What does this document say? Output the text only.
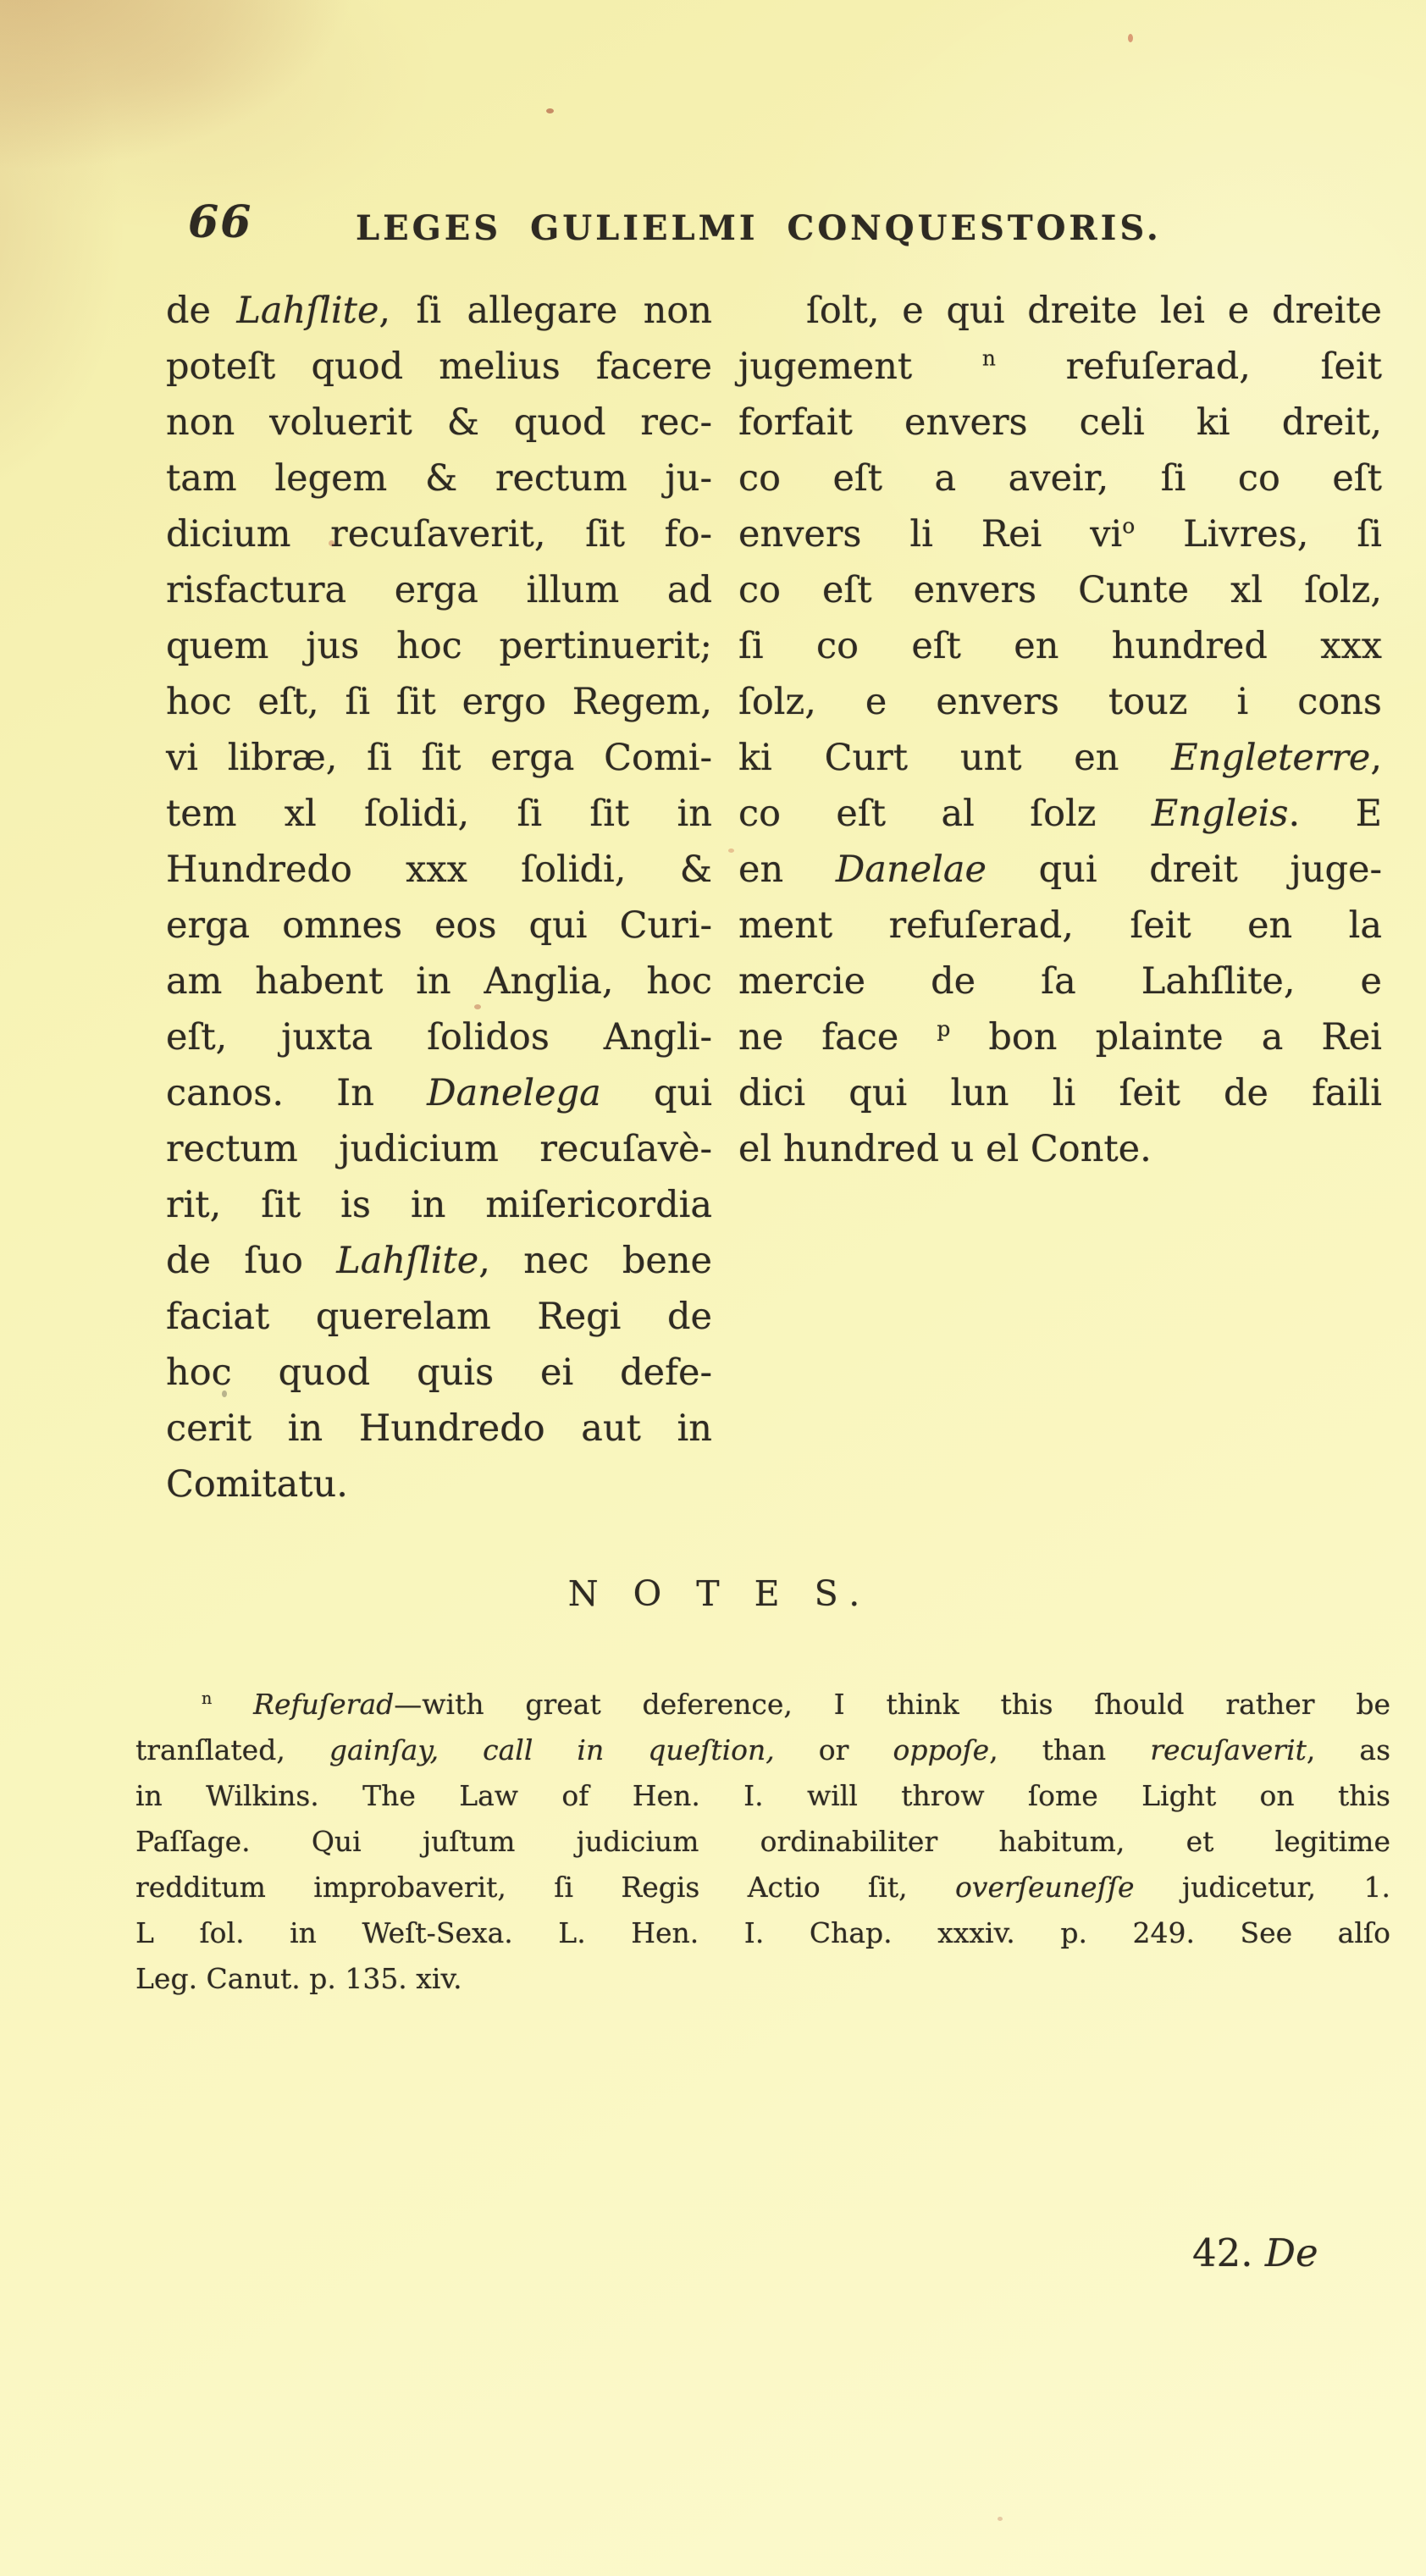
66	LEGES GULIELMI CONQUESTORIS.
de Lahſlite, ſi allegare non
poteſt quod melius facere
non voluerit & quod rec-
tam legem & rectum ju-
dicium recuſaverit, ſit fo-
risfactura erga illum ad
quem jus hoc pertinuerit;
hoc eſt, ſi ſit ergo Regem,
vi libræ, ſi ſit erga Comi-
tem xl ſolidi, ſi ſit in
Hundredo xxx ſolidi, &
erga omnes eos qui Curi-
am habent in Anglia, hoc
eſt, juxta ſolidos Angli-
canos. In Danelega qui
rectum judicium recuſavè-
rit, ſit is in miſericordia
de ſuo Lahſlite, nec bene
faciat querelam Regi de
hoc quod quis ei defe-
cerit in Hundredo aut in
Comitatu.
ſolt, e qui dreite lei e dreite
jugement $^n$ refuſerad, ſeit
forfait envers celi ki dreit,
co eſt a aveir, ſi co eſt
envers li Rei $vi^o$ Livres, ſi
co eſt envers Cunte xl ſolz,
ſi co eſt en hundred xxx
ſolz, e envers touz i cons
ki Curt unt en Engleterre,
co eſt al ſolz Engleis. E
en Danelae qui dreit juge-
ment refuſerad, ſeit en la
mercie de ſa Lahſlite, e
ne face $^p$ bon plainte a Rei
dici qui lun li ſeit de faili
el hundred u el Conte.
N O T E S.
$^n$ Refuſerad—with great deference, I think this ſhould rather be
tranſlated, gainſay, call in queſtion, or oppoſe, than recuſaverit, as
in Wilkins. The Law of Hen. I. will throw ſome Light on this
Paſſage. Qui juſtum judicium ordinabiliter habitum, et legitime
redditum improbaverit, ſi Regis Actio ſit, overſeuneſſe judicetur, 1.
L ſol. in Weſt-Sexa. L. Hen. I. Chap. xxxiv. p. 249. See alſo
Leg. Canut. p. 135. xiv.
42. De
